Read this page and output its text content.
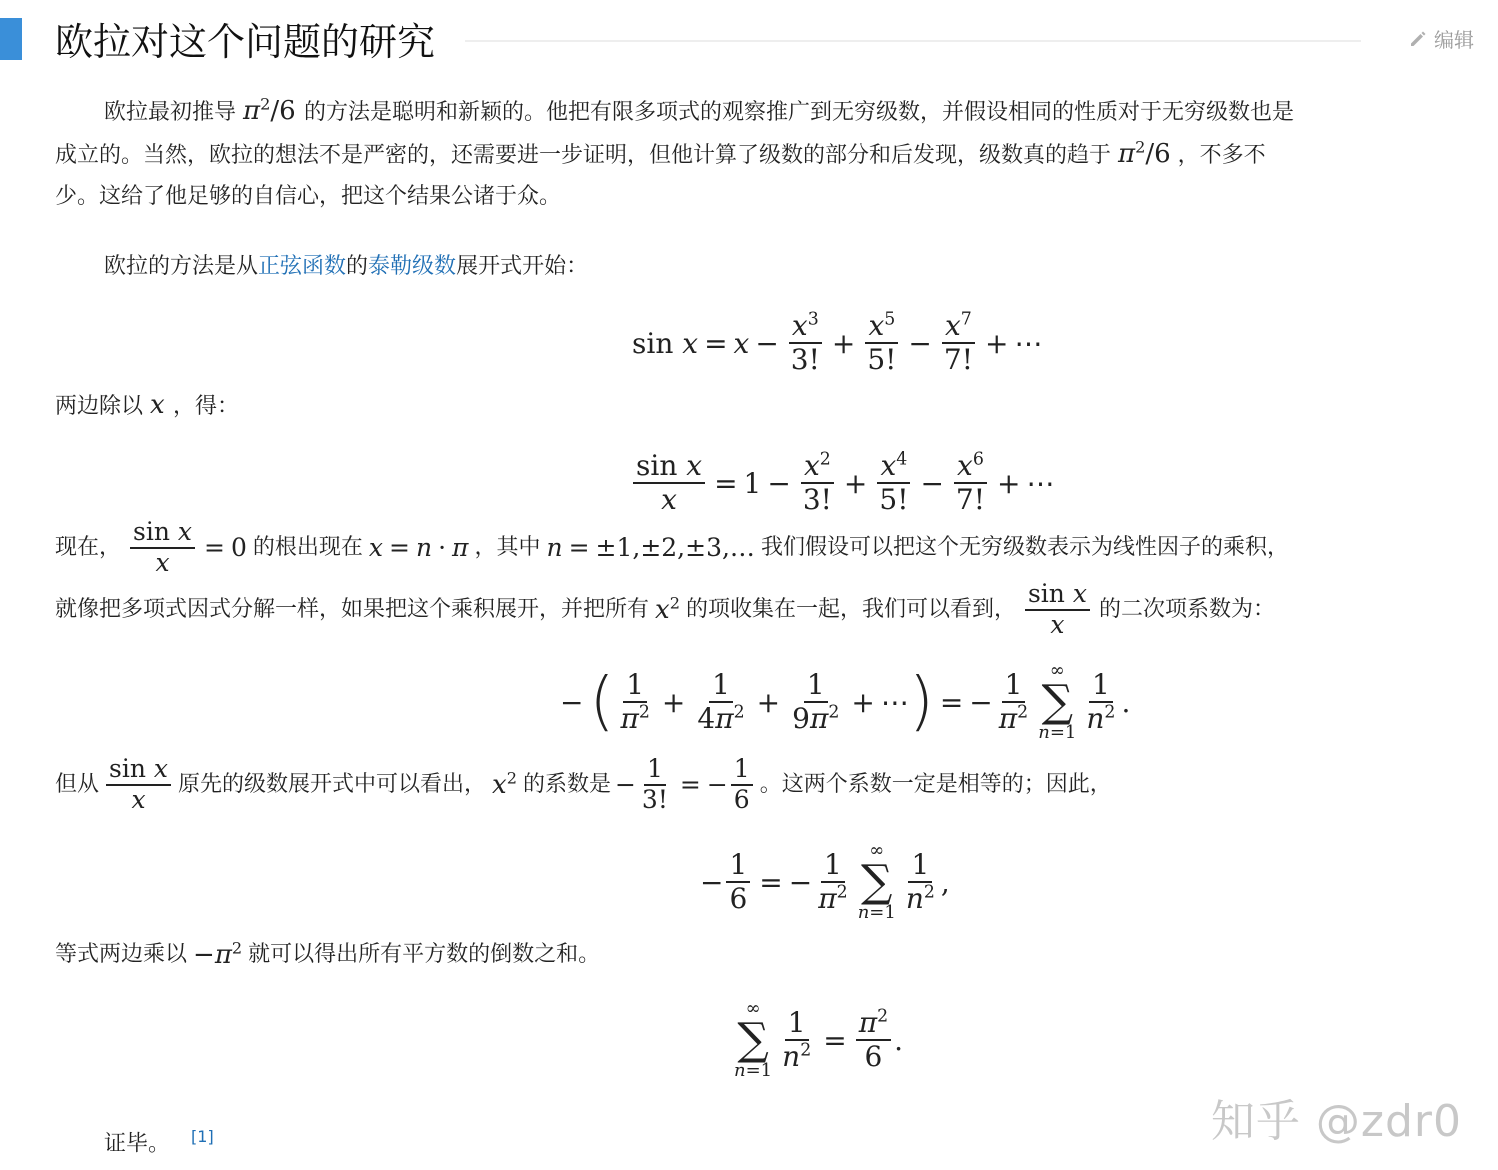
欧拉对这个问题的研究	编辑
欧拉最初推导 $\pi^2/6$ 的方法是聪明和新颖的。他把有限多项式的观察推广到无穷级数，并假设相同的性质对于无穷级数也是
成立的。当然，欧拉的想法不是严密的，还需要进一步证明，但他计算了级数的部分和后发现，级数真的趋于 $\pi^2/6$ ，不多不
少。这给了他足够的自信心，把这个结果公诸于众。
欧拉的方法是从正弦函数的泰勒级数展开式开始：
sin
$x = x - \frac{x^3}{3!} + \frac{x^5}{5!} - \frac{x^7}{7!}$ + ⋯
两边除以 x ，得：
$\frac{\text{sin x}}{x} = 1 - \frac{x^2}{3!} + \frac{x^4}{5!} - \frac{x^6}{7!}$ + ⋯
现在， $\frac{\text{sin x}}{x} = 0$ 的根出现在 x = n · π ，其中 n = ±1,±2,±3,… 我们假设可以把这个无穷级数表示为线性因子的乘积，
就像把多项式因式分解一样，如果把这个乘积展开，并把所有 $x^2$ 的项收集在一起，我们可以看到， $\frac{\text{sin x}}{x}$ 的二次项系数为：
− ( $\frac{1}{\pi^2} + \frac{1}{4\pi^2} + \frac{1}{9\pi^2}$ + ⋯ ) = − $\frac{1}{\pi^2}$ ∞
∑
$n=1 \frac{1}{n^2}$ .
但从 $\frac{\text{sin x}}{x}$ 原先的级数展开式中可以看出， $x^2$ 的系数是 − $\frac{1}{3!}$ = − $\frac{1}{6}$ 。这两个系数一定是相等的；因此，
− $\frac{1}{6}$ = − $\frac{1}{\pi^2}$ ∞
∑
$n=1 \frac{1}{n^2}$ ,
等式两边乘以 $-\pi^2$ 就可以得出所有平方数的倒数之和。
∞
∑
$n=1 \frac{1}{n^2} = \frac{\pi^2}{6}$ .
证毕。 [1]	知乎 @zdr0
